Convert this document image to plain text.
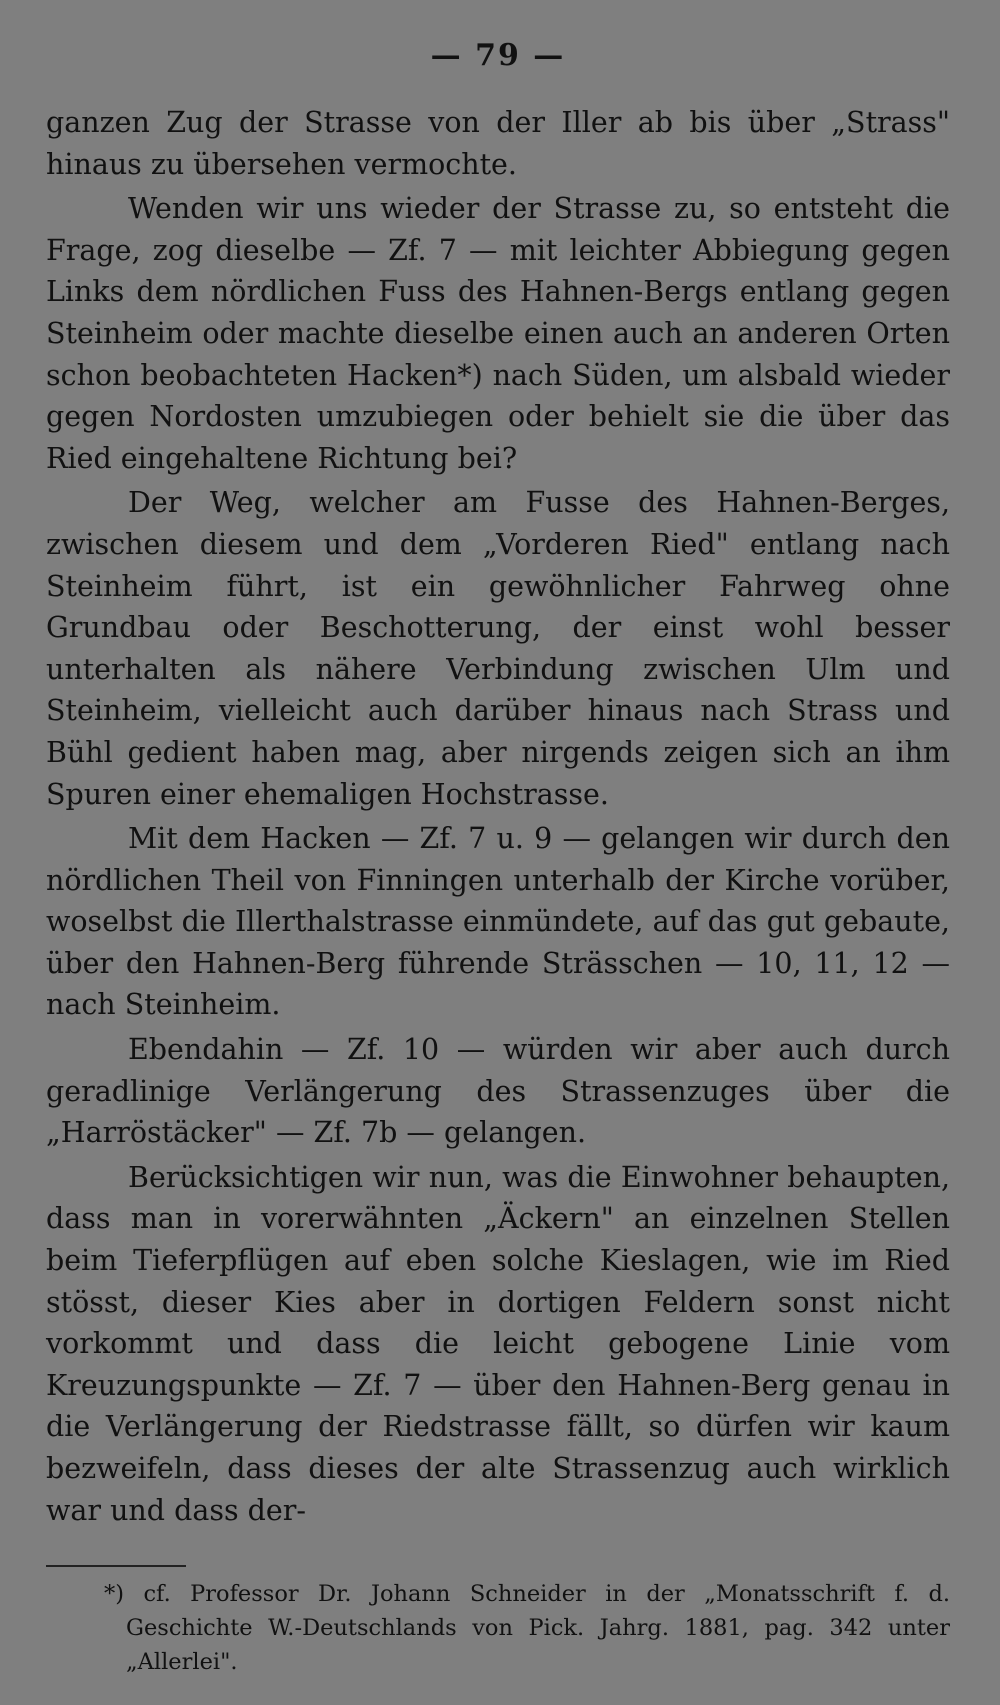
— 79 —

ganzen Zug der Strasse von der Iller ab bis über „Strass" hinaus zu übersehen vermochte.

Wenden wir uns wieder der Strasse zu, so entsteht die Frage, zog dieselbe — Zf. 7 — mit leichter Abbiegung gegen Links dem nördlichen Fuss des Hahnen-Bergs entlang gegen Steinheim oder machte dieselbe einen auch an anderen Orten schon beobachteten Hacken*) nach Süden, um alsbald wieder gegen Nordosten umzubiegen oder behielt sie die über das Ried eingehaltene Richtung bei?

Der Weg, welcher am Fusse des Hahnen-Berges, zwischen diesem und dem „Vorderen Ried" entlang nach Steinheim führt, ist ein gewöhnlicher Fahrweg ohne Grundbau oder Beschotterung, der einst wohl besser unterhalten als nähere Verbindung zwischen Ulm und Steinheim, vielleicht auch darüber hinaus nach Strass und Bühl gedient haben mag, aber nirgends zeigen sich an ihm Spuren einer ehemaligen Hochstrasse.

Mit dem Hacken — Zf. 7 u. 9 — gelangen wir durch den nördlichen Theil von Finningen unterhalb der Kirche vorüber, woselbst die Illerthalstrasse einmündete, auf das gut gebaute, über den Hahnen-Berg führende Strässchen — 10, 11, 12 — nach Steinheim.

Ebendahin — Zf. 10 — würden wir aber auch durch geradlinige Verlängerung des Strassenzuges über die „Harröstäcker" — Zf. 7b — gelangen.

Berücksichtigen wir nun, was die Einwohner behaupten, dass man in vorerwähnten „Äckern" an einzelnen Stellen beim Tieferpflügen auf eben solche Kieslagen, wie im Ried stösst, dieser Kies aber in dortigen Feldern sonst nicht vorkommt und dass die leicht gebogene Linie vom Kreuzungspunkte — Zf. 7 — über den Hahnen-Berg genau in die Verlängerung der Riedstrasse fällt, so dürfen wir kaum bezweifeln, dass dieses der alte Strassenzug auch wirklich war und dass der-

*) cf. Professor Dr. Johann Schneider in der „Monatsschrift f. d. Geschichte W.-Deutschlands von Pick. Jahrg. 1881, pag. 342 unter „Allerlei".
